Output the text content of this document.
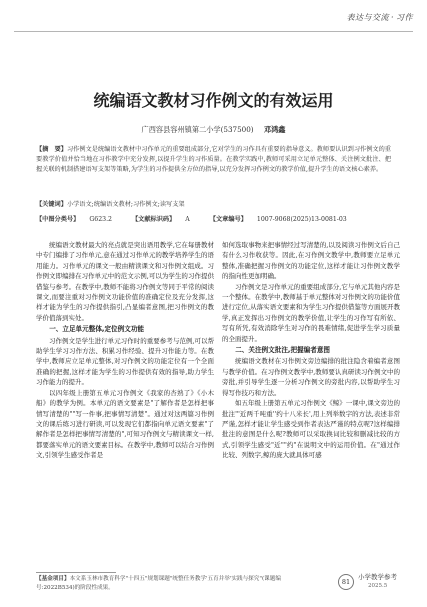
表达与交流 · 习作
统编语文教材习作例文的有效运用
广西容县容州镇第二小学(537500) 邓鸿鑫
【摘　要】习作例文是统编语文教材中习作单元的重要组成部分,它对学生的习作具有重要的指导意义。教师要认识到习作例文的重要教学价值并恰当地在习作教学中充分发挥,以提升学生的习作质量。在教学实践中,教师可采用立足单元整体、关注例文批注、把握关联的机制搭建语写支架等策略,为学生的习作提供全方位的指导,以充分发挥习作例文的教学价值,提升学生的语文核心素养。
【关键词】小学语文;统编语文教材;习作例文;读写支架
【中图分类号】 G623.2	【文献标识码】 A	【文章编号】 1007-9068(2025)13-0081-03

统编语文教材最大的亮点就是突出语用教学,它在每册教材中专门编排了习作单元,意在通过习作单元的教学培养学生的语用能力。习作单元的课文一般由精读课文和习作例文组成。习作例文即编排在习作单元中的范文示例,可以为学生的习作提供借鉴与参考。在教学中,教师不能将习作例文等同于平常的阅读课文,而要注重对习作例文功能价值的准确定位及充分发挥,这样才能为学生的习作提供指引,凸显编者意图,把习作例文的教学价值落到实处。

一、立足单元整体,定位例文功能

习作例文是学生进行单元习作时的重要参考与范例,可以帮助学生学习习作方法、积累习作经验、提升习作能力等。在教学中,教师应立足单元整体,对习作例文的功能定位有一个全面准确的把握,这样才能为学生的习作提供有效的指导,助力学生习作能力的提升。

以四年级上册第五单元习作例文《我家的杏熟了》《小木船》的教学为例。本单元的语文要素是"了解作者是怎样把事情写清楚的""写一件事,把事情写清楚"。通过对这两篇习作例文的课后练习进行研读,可以发现它们都指向单元语文要素"了解作者是怎样把事情写清楚的",可知习作例文与精读课文一样,都要落实单元的语文要素目标。在教学中,教师可以结合习作例文,引领学生感受作者是

如何选取事物来把事情经过写清楚的,以及阅读习作例文后自己有什么习作收获等。因此,在习作例文教学中,教师要立足单元整体,准确把握习作例文的功能定位,这样才能让习作例文教学的指向性更加明确。

习作例文是习作单元的重要组成部分,它与单元其他内容是一个整体。在教学中,教师基于单元整体对习作例文的功能价值进行定位,从落实语文要素和为学生习作提供借鉴等方面展开教学,真正发挥出习作例文的教学价值,让学生的习作写有所依、写有所凭,有效消除学生对习作的畏难情绪,促进学生学习质量的全面提升。

二、关注例文批注,把握编者意图

统编语文教材在习作例文旁边编排的批注隐含着编者意图与教学价值。在习作例文教学中,教师要认真研读习作例文中的旁批,并引导学生逐一分析习作例文的旁批内容,以帮助学生习得写作技巧和方法。

如五年级上册第五单元习作例文《鲸》一课中,课文旁边的批注"'近两千吨重''约十八米长',用上列举数字的方法,表述非常严谨,怎样才能让学生感受到作者表达严谨的特点呢?这样编排批注的意图是什么呢?教师可以采取换词比较和删减比较的方式,引领学生感受"近""约"在说明文中的运用价值。在"通过作比较、列数字,鲸的庞大就具体可感

【基金项目】本文系玉林市教育科学"十四五"规划课题"统整任务教学'五育并举'实践与探究"(课题编号:2022B534)的阶段性成果。
81
小学教学参考
2025.5
